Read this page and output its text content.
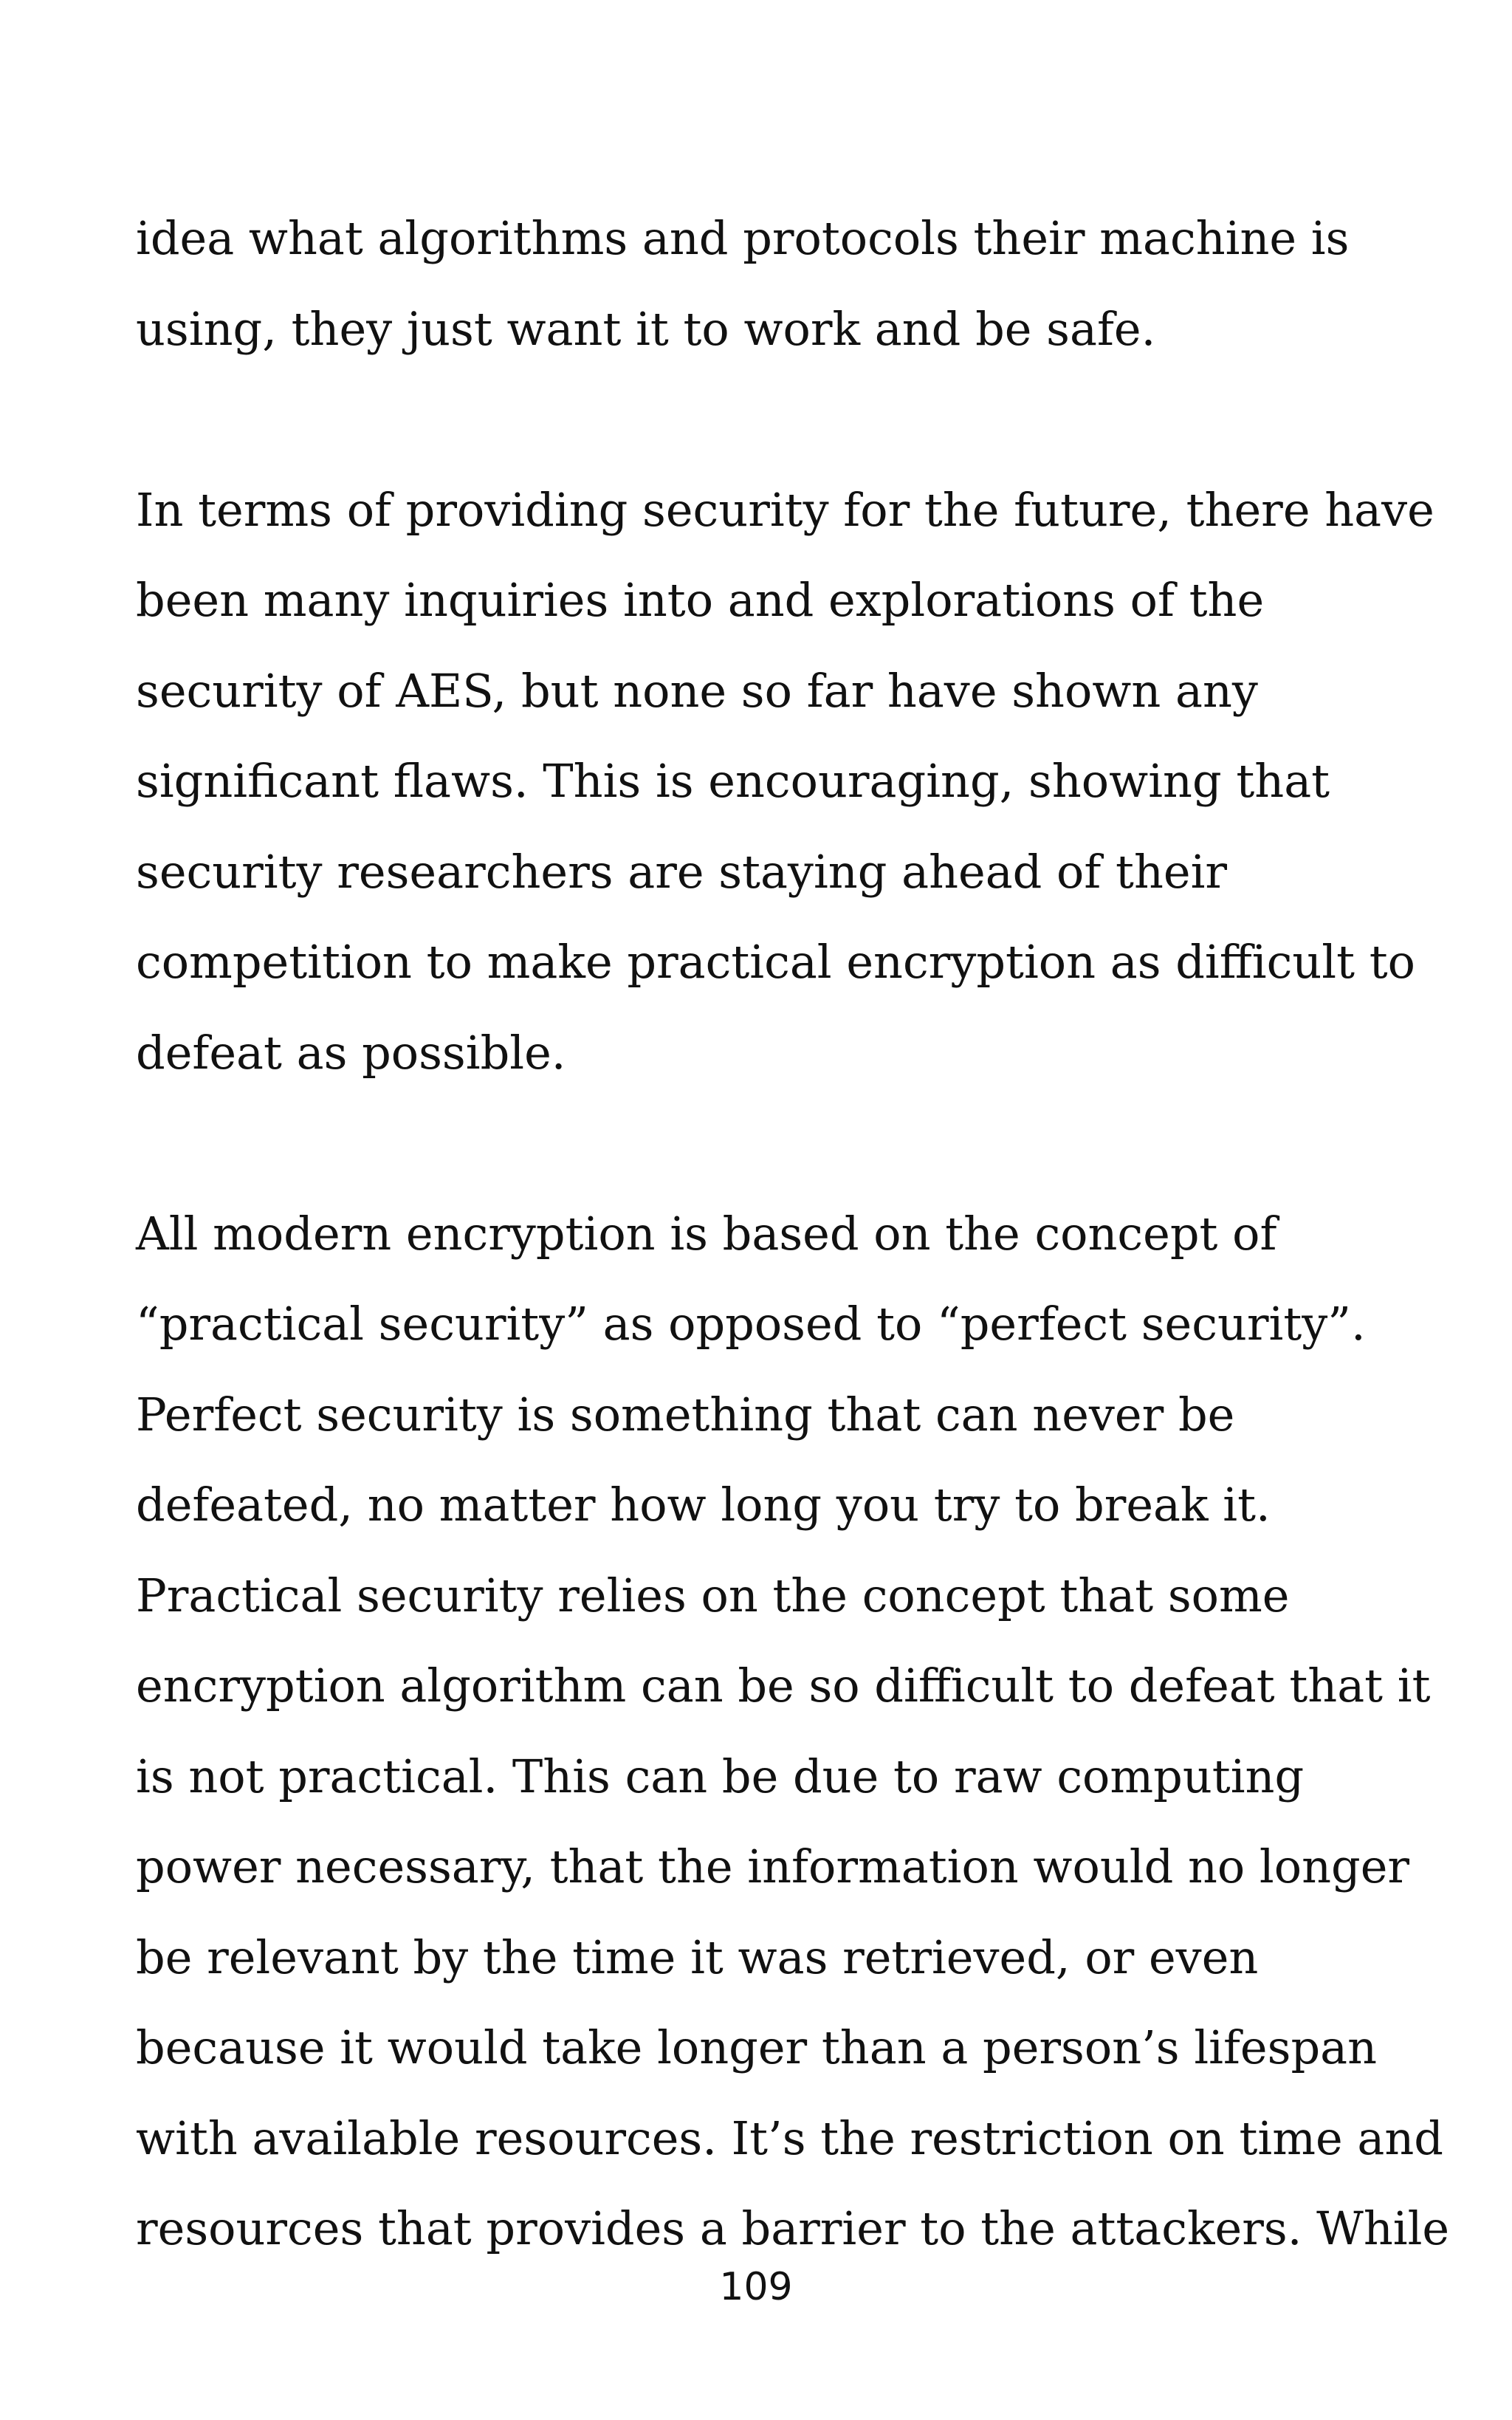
idea what algorithms and protocols their machine is

using, they just want it to work and be safe.

In terms of providing security for the future, there have

been many inquiries into and explorations of the

security of AES, but none so far have shown any

significant flaws. This is encouraging, showing that

security researchers are staying ahead of their

competition to make practical encryption as difficult to

defeat as possible.

All modern encryption is based on the concept of

“practical security” as opposed to “perfect security”.

Perfect security is something that can never be

defeated, no matter how long you try to break it.

Practical security relies on the concept that some

encryption algorithm can be so difficult to defeat that it

is not practical. This can be due to raw computing

power necessary, that the information would no longer

be relevant by the time it was retrieved, or even

because it would take longer than a person’s lifespan

with available resources. It’s the restriction on time and

resources that provides a barrier to the attackers. While

109
